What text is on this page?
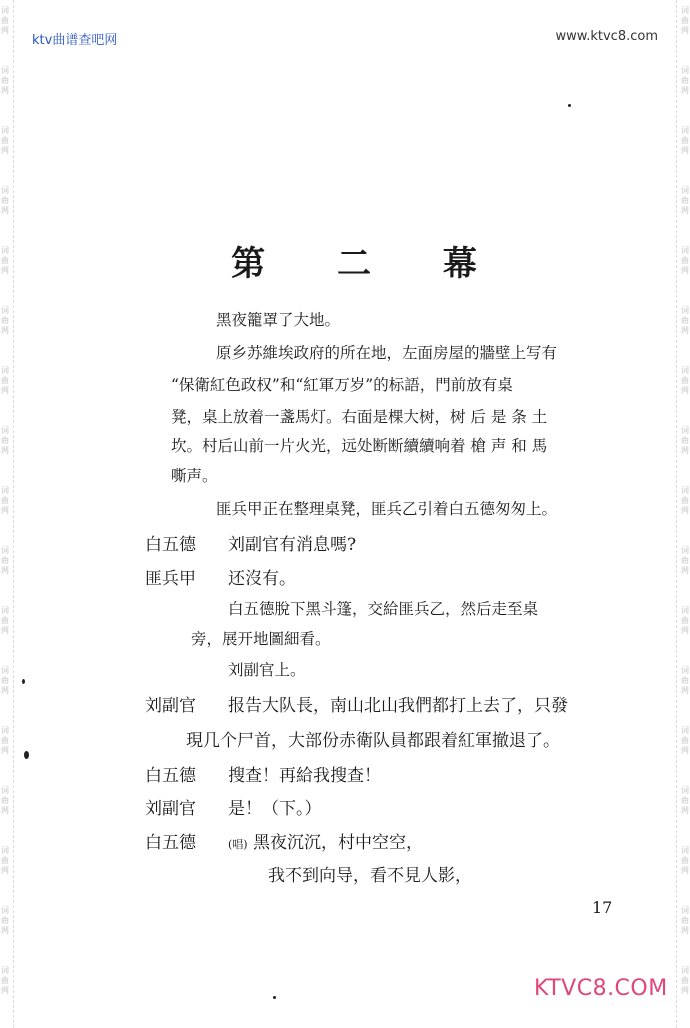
词
曲
网
词
曲
网
词
曲
网
词
曲
网
词
曲
网
词
曲
网
词
曲
网
词
曲
网
词
曲
网
词
曲
网
词
曲
网
词
曲
网
词
曲
网
词
曲
网
词
曲
网
词
曲
网
词
曲
网
词
曲
网
词
曲
网
词
曲
网
词
曲
网
词
曲
网
词
曲
网
词
曲
网
词
曲
网
词
曲
网
词
曲
网
词
曲
网
词
曲
网
词
曲
网
词
曲
网
词
曲
网
词
曲
网
词
曲
网
ktv曲谱查吧网	www.ktvc8.com
第 二 幕
黑夜籠罩了大地。
原乡苏維埃政府的所在地，左面房屋的牆壁上写有
“保衛紅色政权”和“紅軍万岁”的标語，門前放有桌
凳，桌上放着一盞馬灯。右面是棵大树，树 后 是 条 土
坎。村后山前一片火光，远处断断續續响着 槍 声 和 馬
嘶声。
匪兵甲正在整理桌凳，匪兵乙引着白五德匆匆上。
白五德 刘副官有消息嗎?
匪兵甲 还沒有。
白五德脫下黑斗篷，交給匪兵乙，然后走至桌
旁，展开地圖細看。
刘副官上。
刘副官 报告大队長，南山北山我們都打上去了，只發
現几个尸首，大部份赤衛队員都跟着紅軍撤退了。
白五德 搜查！再給我搜查！
刘副官 是！（下。）
白五德	(唱) 黑夜沉沉，村中空空，
我不到向导，看不見人影，
17
KTVC8.COM
